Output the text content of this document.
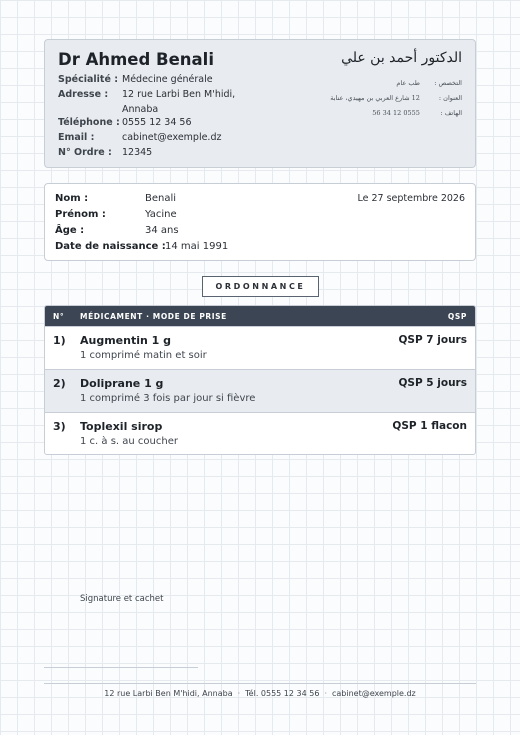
Dr Ahmed Benali
Spécialité : Médecine générale
Adresse : 12 rue Larbi Ben M'hidi, Annaba
Téléphone : 0555 12 34 56
Email :	cabinet@exemple.dz
N° Ordre : 12345
الدكتور أحمد بن علي
التخصص : طب عام
العنوان : 12 شارع العربي بن مهيدي، عنابة
الهاتف : 0555 12 34 56
Le 27 septembre 2026
Nom :	Benali
Prénom :	Yacine
Âge :	34 ans
Date de naissance : 14 mai 1991
ORDONNANCE
N° MÉDICAMENT · MODE DE PRISE	QSP
1) Augmentin 1 g	QSP 7 jours
1 comprimé matin et soir
2) Doliprane 1 g	QSP 5 jours
1 comprimé 3 fois par jour si fièvre
3) Toplexil sirop	QSP 1 flacon
1 c. à s. au coucher
Signature et cachet
12 rue Larbi Ben M'hidi, Annaba · Tél. 0555 12 34 56 · cabinet@exemple.dz
